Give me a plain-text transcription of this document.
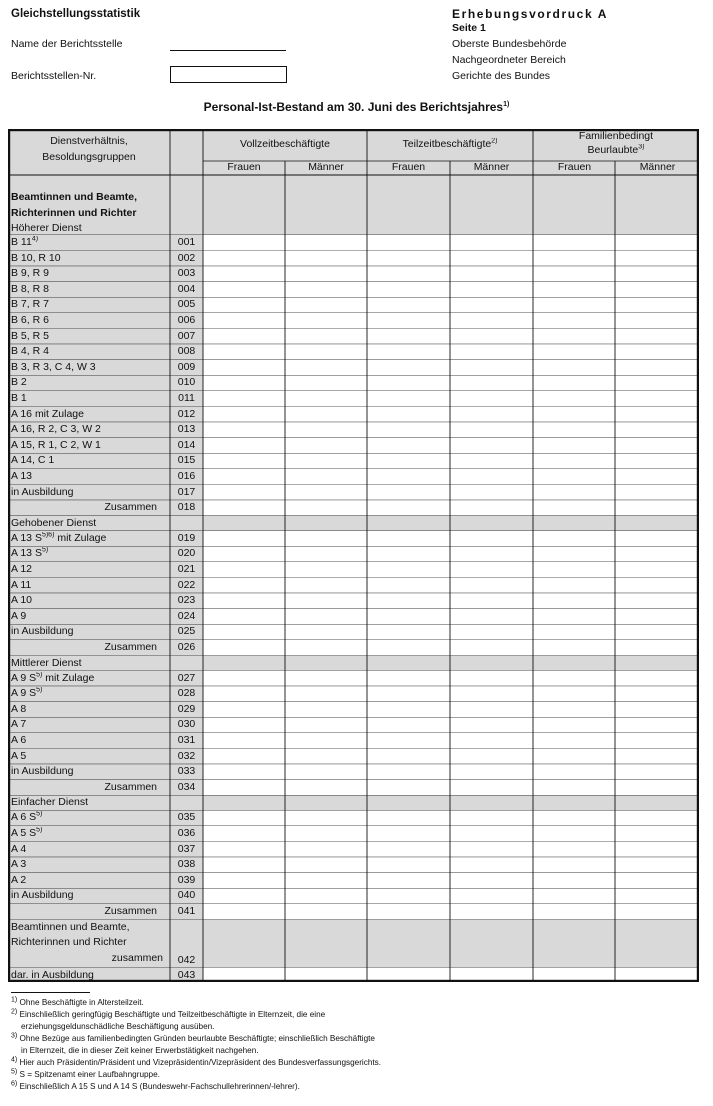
Gleichstellungsstatistik	Erhebungsvordruck A
Seite 1
Oberste Bundesbehörde
Nachgeordneter Bereich
Gerichte des Bundes
Name der Berichtsstelle
Berichtsstellen-Nr.
Personal-Ist-Bestand am 30. Juni des Berichtsjahres$^{1)}$
Dienstverhältnis,
Besoldungsgruppen
Vollzeitbeschäftigte
Frauen	Männer
Teilzeitbeschäftigte$^{2)}$
Frauen	Männer
Familienbedingt
Beurlaubte$^{3)}$
Frauen	Männer
Beamtinnen und Beamte,
Richterinnen und Richter
Höherer Dienst
B 11$^{4)}$	001
B 10, R 10	002
B 9, R 9	003
B 8, R 8	004
B 7, R 7	005
B 6, R 6	006
B 5, R 5	007
B 4, R 4	008
B 3, R 3, C 4, W 3	009
B 2	010
B 1	011
A 16 mit Zulage	012
A 16, R 2, C 3, W 2	013
A 15, R 1, C 2, W 1	014
A 14, C 1	015
A 13	016
in Ausbildung	017
Zusammen	018
Gehobener Dienst
A 13 $S^{5)6)}$ mit Zulage	019
A 13 $S^{5)}$	020
A 12	021
A 11	022
A 10	023
A 9	024
in Ausbildung	025
Zusammen	026
Mittlerer Dienst
A 9 $S^{5)}$ mit Zulage	027
A 9 $S^{5)}$	028
A 8	029
A 7	030
A 6	031
A 5	032
in Ausbildung	033
Zusammen	034
Einfacher Dienst
A 6 $S^{5)}$	035
A 5 $S^{5)}$	036
A 4	037
A 3	038
A 2	039
in Ausbildung	040
Zusammen	041
Beamtinnen und Beamte,
Richterinnen und Richter
zusammen	042
dar. in Ausbildung	043
$^{1)}$ Ohne Beschäftigte in Altersteilzeit.
$^{2)}$ Einschließlich geringfügig Beschäftigte und Teilzeitbeschäftigte in Elternzeit, die eine
erziehungsgeldunschädliche Beschäftigung ausüben.
$^{3)}$ Ohne Bezüge aus familienbedingten Gründen beurlaubte Beschäftigte; einschließlich Beschäftigte
in Elternzeit, die in dieser Zeit keiner Erwerbstätigkeit nachgehen.
$^{4)}$ Hier auch Präsidentin/Präsident und Vizepräsidentin/Vizepräsident des Bundesverfassungsgerichts.
$^{5)}$ S = Spitzenamt einer Laufbahngruppe.
$^{6)}$ Einschließlich A 15 S und A 14 S (Bundeswehr-Fachschullehrerinnen/-lehrer).
